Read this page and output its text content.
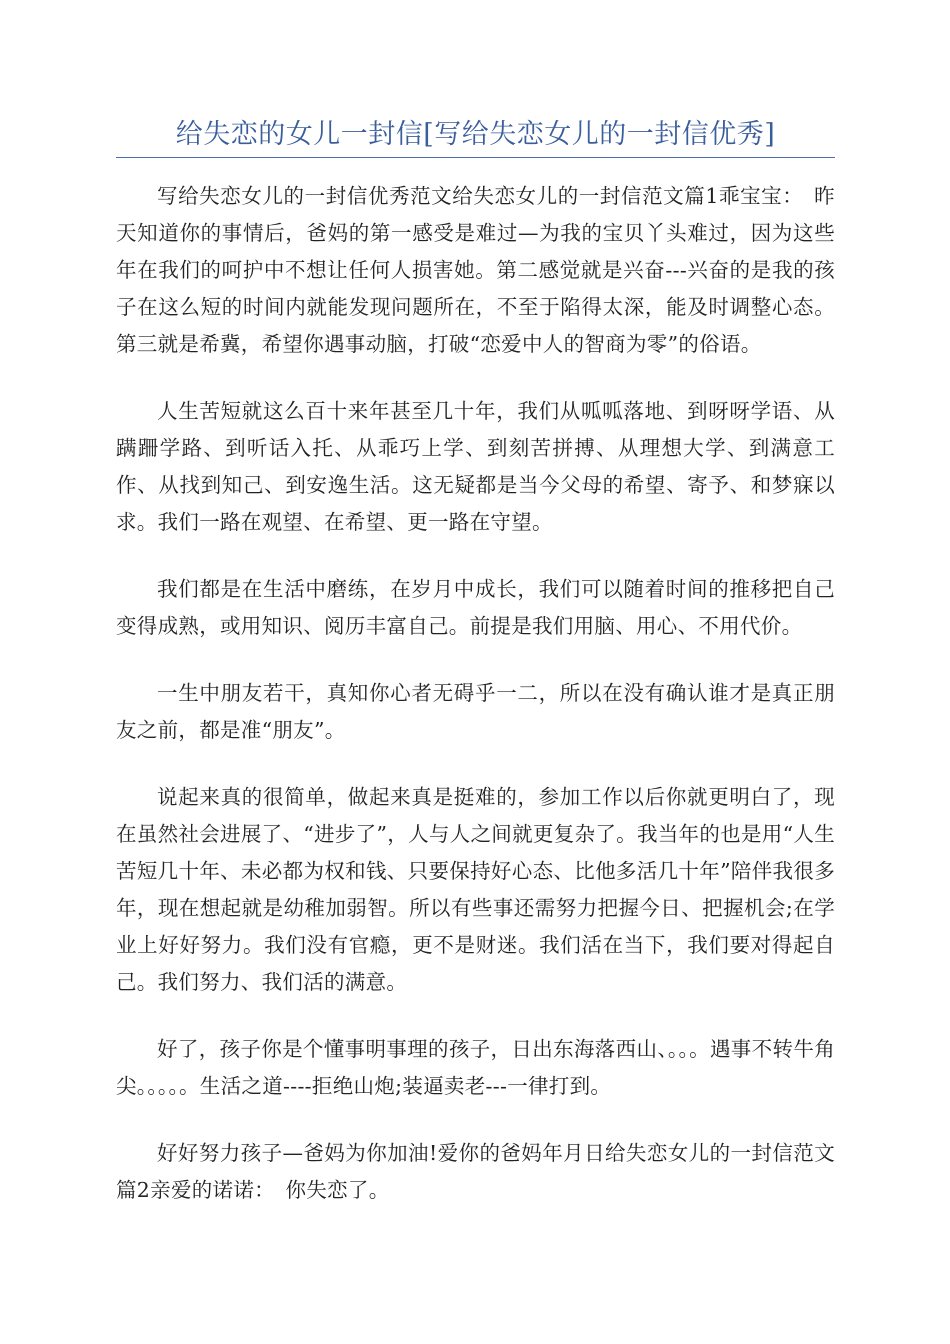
给失恋的女儿一封信[写给失恋女儿的一封信优秀]

写给失恋女儿的一封信优秀范文给失恋女儿的一封信范文篇1乖宝宝：　昨天知道你的事情后，爸妈的第一感受是难过—为我的宝贝丫头难过，因为这些年在我们的呵护中不想让任何人损害她。第二感觉就是兴奋---兴奋的是我的孩子在这么短的时间内就能发现问题所在，不至于陷得太深，能及时调整心态。第三就是希冀，希望你遇事动脑，打破“恋爱中人的智商为零”的俗语。

人生苦短就这么百十来年甚至几十年，我们从呱呱落地、到呀呀学语、从蹒跚学路、到听话入托、从乖巧上学、到刻苦拼搏、从理想大学、到满意工作、从找到知己、到安逸生活。这无疑都是当今父母的希望、寄予、和梦寐以求。我们一路在观望、在希望、更一路在守望。

我们都是在生活中磨练，在岁月中成长，我们可以随着时间的推移把自己变得成熟，或用知识、阅历丰富自己。前提是我们用脑、用心、不用代价。

一生中朋友若干，真知你心者无碍乎一二，所以在没有确认谁才是真正朋友之前，都是准“朋友”。

说起来真的很简单，做起来真是挺难的，参加工作以后你就更明白了，现在虽然社会进展了、“进步了”，人与人之间就更复杂了。我当年的也是用“人生苦短几十年、未必都为权和钱、只要保持好心态、比他多活几十年”陪伴我很多年，现在想起就是幼稚加弱智。所以有些事还需努力把握今日、把握机会;在学业上好好努力。我们没有官瘾，更不是财迷。我们活在当下，我们要对得起自己。我们努力、我们活的满意。

好了，孩子你是个懂事明事理的孩子，日出东海落西山、。。。遇事不转牛角尖。。。。。生活之道----拒绝山炮;装逼卖老---一律打到。

好好努力孩子—爸妈为你加油!爱你的爸妈年月日给失恋女儿的一封信范文篇2亲爱的诺诺：　你失恋了。
